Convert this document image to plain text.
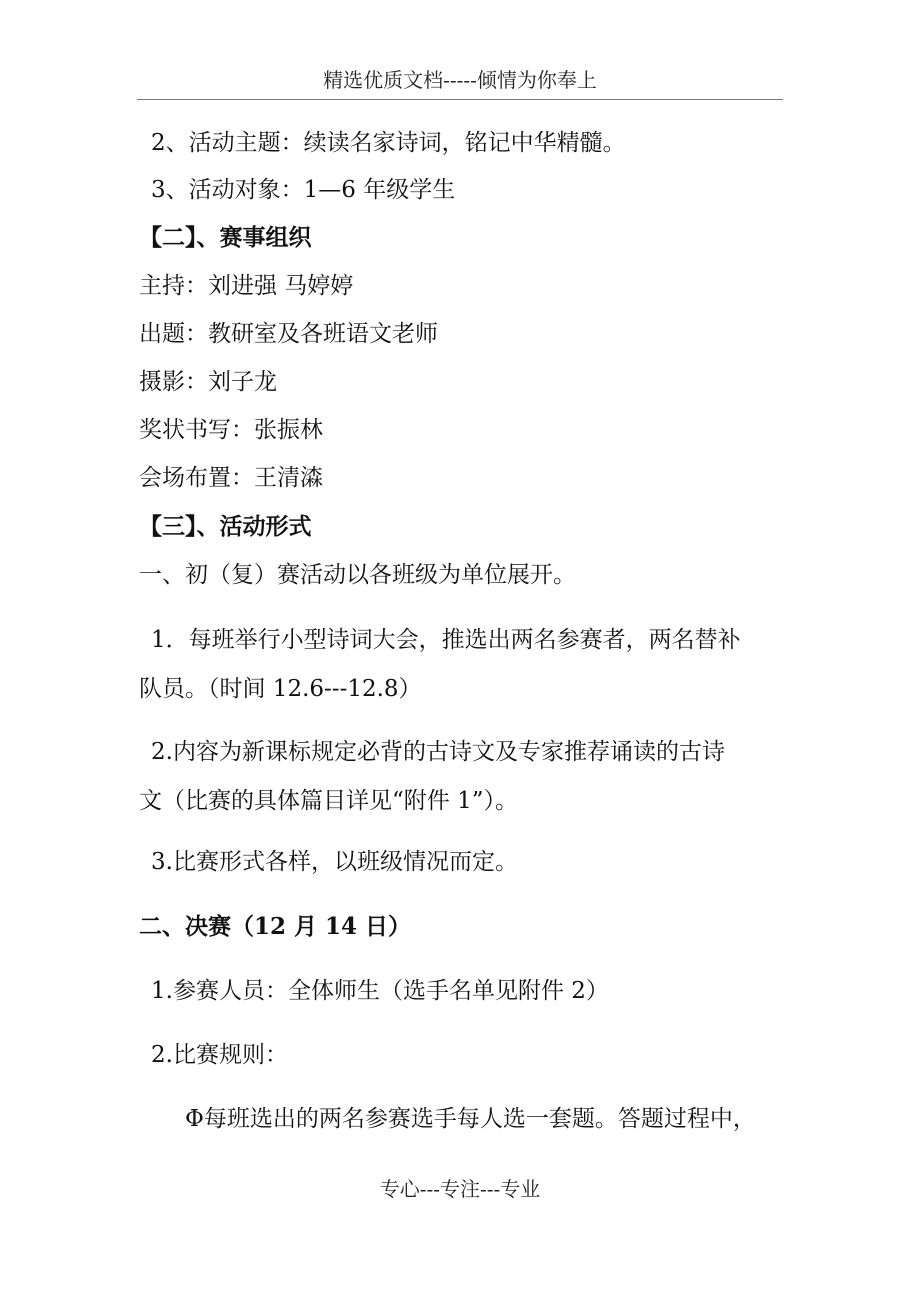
精选优质文档-----倾情为你奉上
2、活动主题：续读名家诗词，铭记中华精髓。
3、活动对象：1—6 年级学生
【二】、赛事组织
主持：刘进强 马婷婷
出题：教研室及各班语文老师
摄影：刘子龙
奖状书写：张振林
会场布置：王清潹
【三】、活动形式
一、初（复）赛活动以各班级为单位展开。
1．每班举行小型诗词大会，推选出两名参赛者，两名替补
队员。（时间 12.6---12.8）
2.内容为新课标规定必背的古诗文及专家推荐诵读的古诗
文（比赛的具体篇目详见“附件 1”）。
3.比赛形式各样，以班级情况而定。
二、决赛（12 月 14 日）
1.参赛人员：全体师生（选手名单见附件 2）
2.比赛规则：
Φ每班选出的两名参赛选手每人选一套题。答题过程中，
专心---专注---专业
